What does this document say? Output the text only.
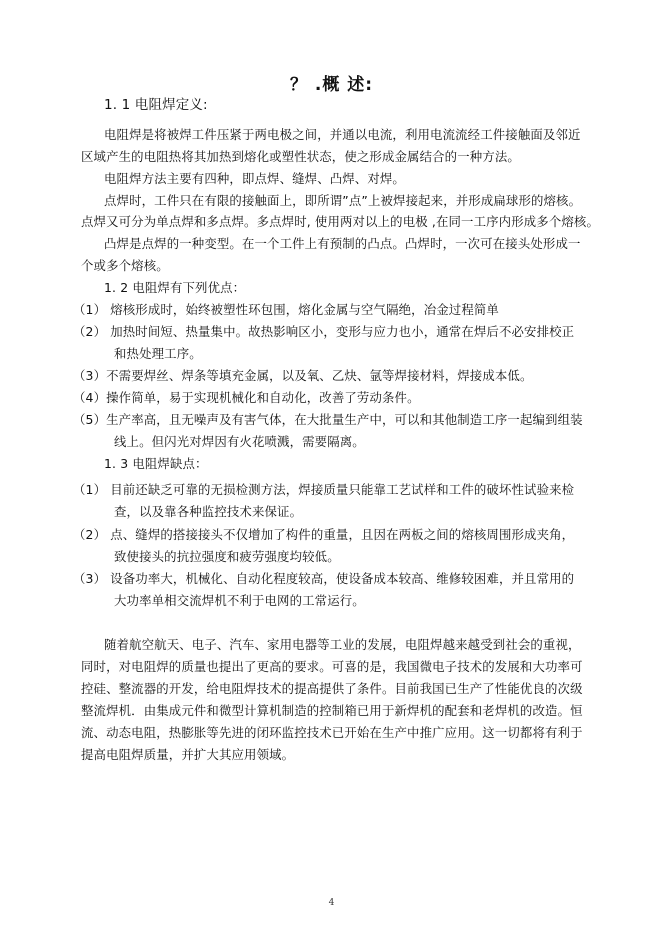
？ .概 述:
1. 1 电阻焊定义:
电阻焊是将被焊工件压紧于两电极之间，并通以电流，利用电流流经工件接触面及邻近
区域产生的电阻热将其加热到熔化或塑性状态，使之形成金属结合的一种方法。
电阻焊方法主要有四种，即点焊、缝焊、凸焊、对焊。
点焊时，工件只在有限的接触面上，即所谓”点”上被焊接起来，并形成扁球形的熔核。
点焊又可分为单点焊和多点焊。多点焊时, 使用两对以上的电极 ,在同一工序内形成多个熔核。
凸焊是点焊的一种变型。在一个工件上有预制的凸点。凸焊时，一次可在接头处形成一
个或多个熔核。
1. 2 电阻焊有下列优点：
（1） 熔核形成时，始终被塑性环包围，熔化金属与空气隔绝，冶金过程简单
（2） 加热时间短、热量集中。故热影响区小，变形与应力也小，通常在焊后不必安排校正
和热处理工序。
（3）不需要焊丝、焊条等填充金属，以及氧、乙炔、氩等焊接材料，焊接成本低。
（4）操作简单，易于实现机械化和自动化，改善了劳动条件。
（5）生产率高，且无噪声及有害气体，在大批量生产中，可以和其他制造工序一起编到组装
线上。但闪光对焊因有火花喷溅，需要隔离。
1. 3 电阻焊缺点：
（1） 目前还缺乏可靠的无损检测方法，焊接质量只能靠工艺试样和工件的破坏性试验来检
查，以及靠各种监控技术来保证。
（2） 点、缝焊的搭接接头不仅增加了构件的重量，且因在两板之间的熔核周围形成夹角，
致使接头的抗拉强度和疲劳强度均较低。
（3） 设备功率大，机械化、自动化程度较高，使设备成本较高、维修较困难，并且常用的
大功率单相交流焊机不利于电网的工常运行。
随着航空航天、电子、汽车、家用电器等工业的发展，电阻焊越来越受到社会的重视，
同时，对电阻焊的质量也提出了更高的要求。可喜的是，我国微电子技术的发展和大功率可
控硅、整流器的开发，给电阻焊技术的提高提供了条件。目前我国已生产了性能优良的次级
整流焊机．由集成元件和微型计算机制造的控制箱已用于新焊机的配套和老焊机的改造。恒
流、动态电阻，热膨胀等先进的闭环监控技术已开始在生产中推广应用。这一切都将有利于
提高电阻焊质量，并扩大其应用领域。
4
